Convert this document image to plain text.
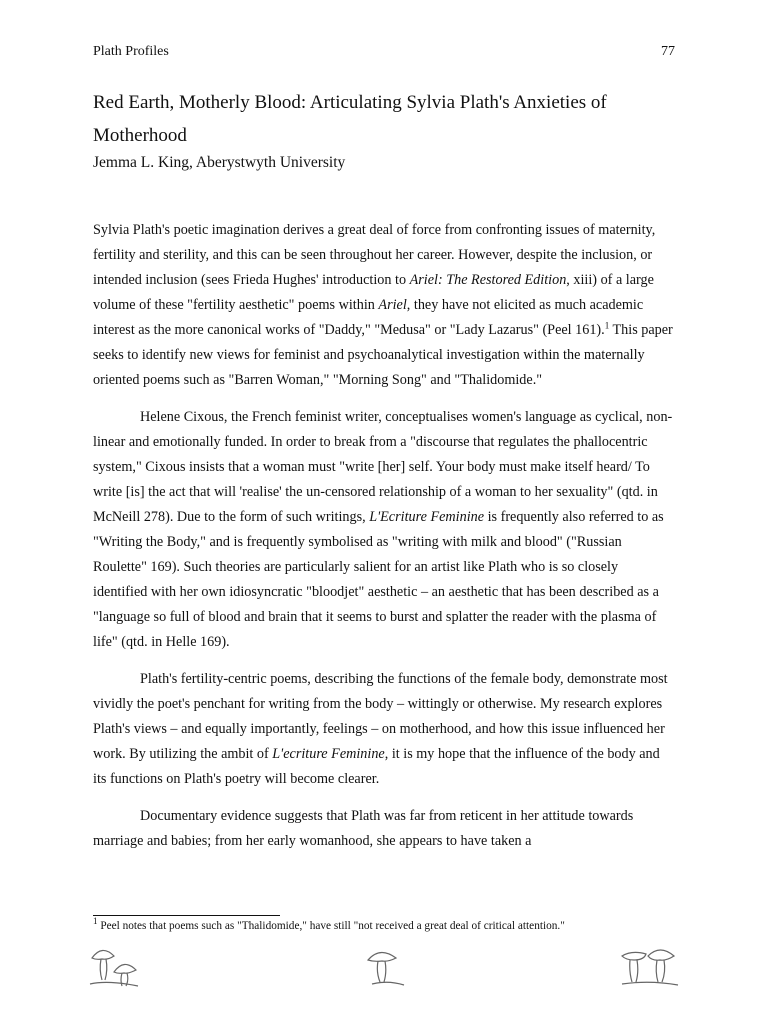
Plath Profiles	77
Red Earth, Motherly Blood: Articulating Sylvia Plath's Anxieties of Motherhood
Jemma L. King, Aberystwyth University

Sylvia Plath's poetic imagination derives a great deal of force from confronting issues of maternity, fertility and sterility, and this can be seen throughout her career. However, despite the inclusion, or intended inclusion (sees Frieda Hughes' introduction to Ariel: The Restored Edition, xiii) of a large volume of these "fertility aesthetic" poems within Ariel, they have not elicited as much academic interest as the more canonical works of "Daddy," "Medusa" or "Lady Lazarus" (Peel 161).$^1$ This paper seeks to identify new views for feminist and psychoanalytical investigation within the maternally oriented poems such as "Barren Woman," "Morning Song" and "Thalidomide."

Helene Cixous, the French feminist writer, conceptualises women's language as cyclical, non-linear and emotionally funded. In order to break from a "discourse that regulates the phallocentric system," Cixous insists that a woman must "write [her] self. Your body must make itself heard/ To write [is] the act that will 'realise' the un-censored relationship of a woman to her sexuality" (qtd. in McNeill 278). Due to the form of such writings, L'Ecriture Feminine is frequently also referred to as "Writing the Body," and is frequently symbolised as "writing with milk and blood" ("Russian Roulette" 169). Such theories are particularly salient for an artist like Plath who is so closely identified with her own idiosyncratic "bloodjet" aesthetic – an aesthetic that has been described as a "language so full of blood and brain that it seems to burst and splatter the reader with the plasma of life" (qtd. in Helle 169).

Plath's fertility-centric poems, describing the functions of the female body, demonstrate most vividly the poet's penchant for writing from the body – wittingly or otherwise. My research explores Plath's views – and equally importantly, feelings – on motherhood, and how this issue influenced her work. By utilizing the ambit of L'ecriture Feminine, it is my hope that the influence of the body and its functions on Plath's poetry will become clearer.

Documentary evidence suggests that Plath was far from reticent in her attitude towards marriage and babies; from her early womanhood, she appears to have taken a

$^1$ Peel notes that poems such as "Thalidomide," have still "not received a great deal of critical attention."
